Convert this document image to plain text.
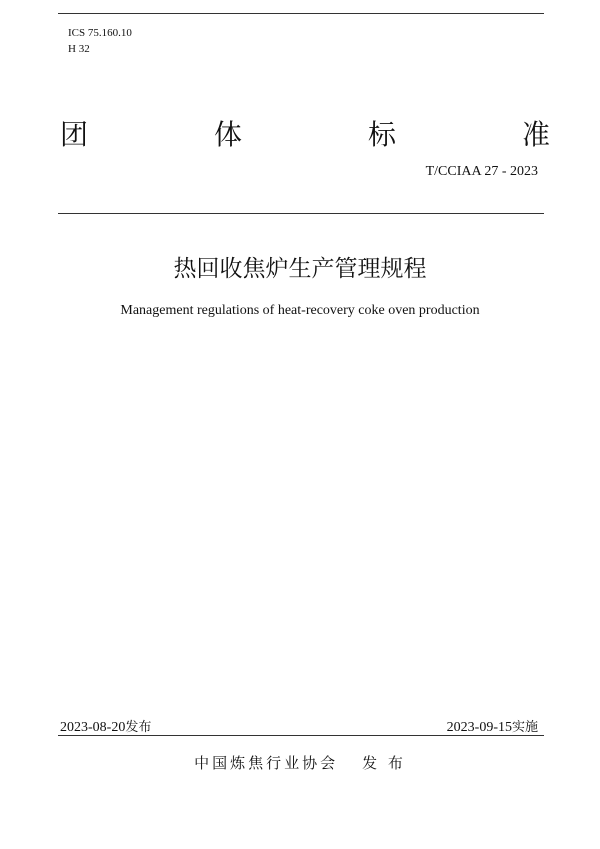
ICS 75.160.10
H 32
团	体	标	准
T/CCIAA 27 - 2023
热回收焦炉生产管理规程
Management regulations of heat-recovery coke oven production
2023-08-20发布	2023-09-15实施
中国炼焦行业协会 发 布
